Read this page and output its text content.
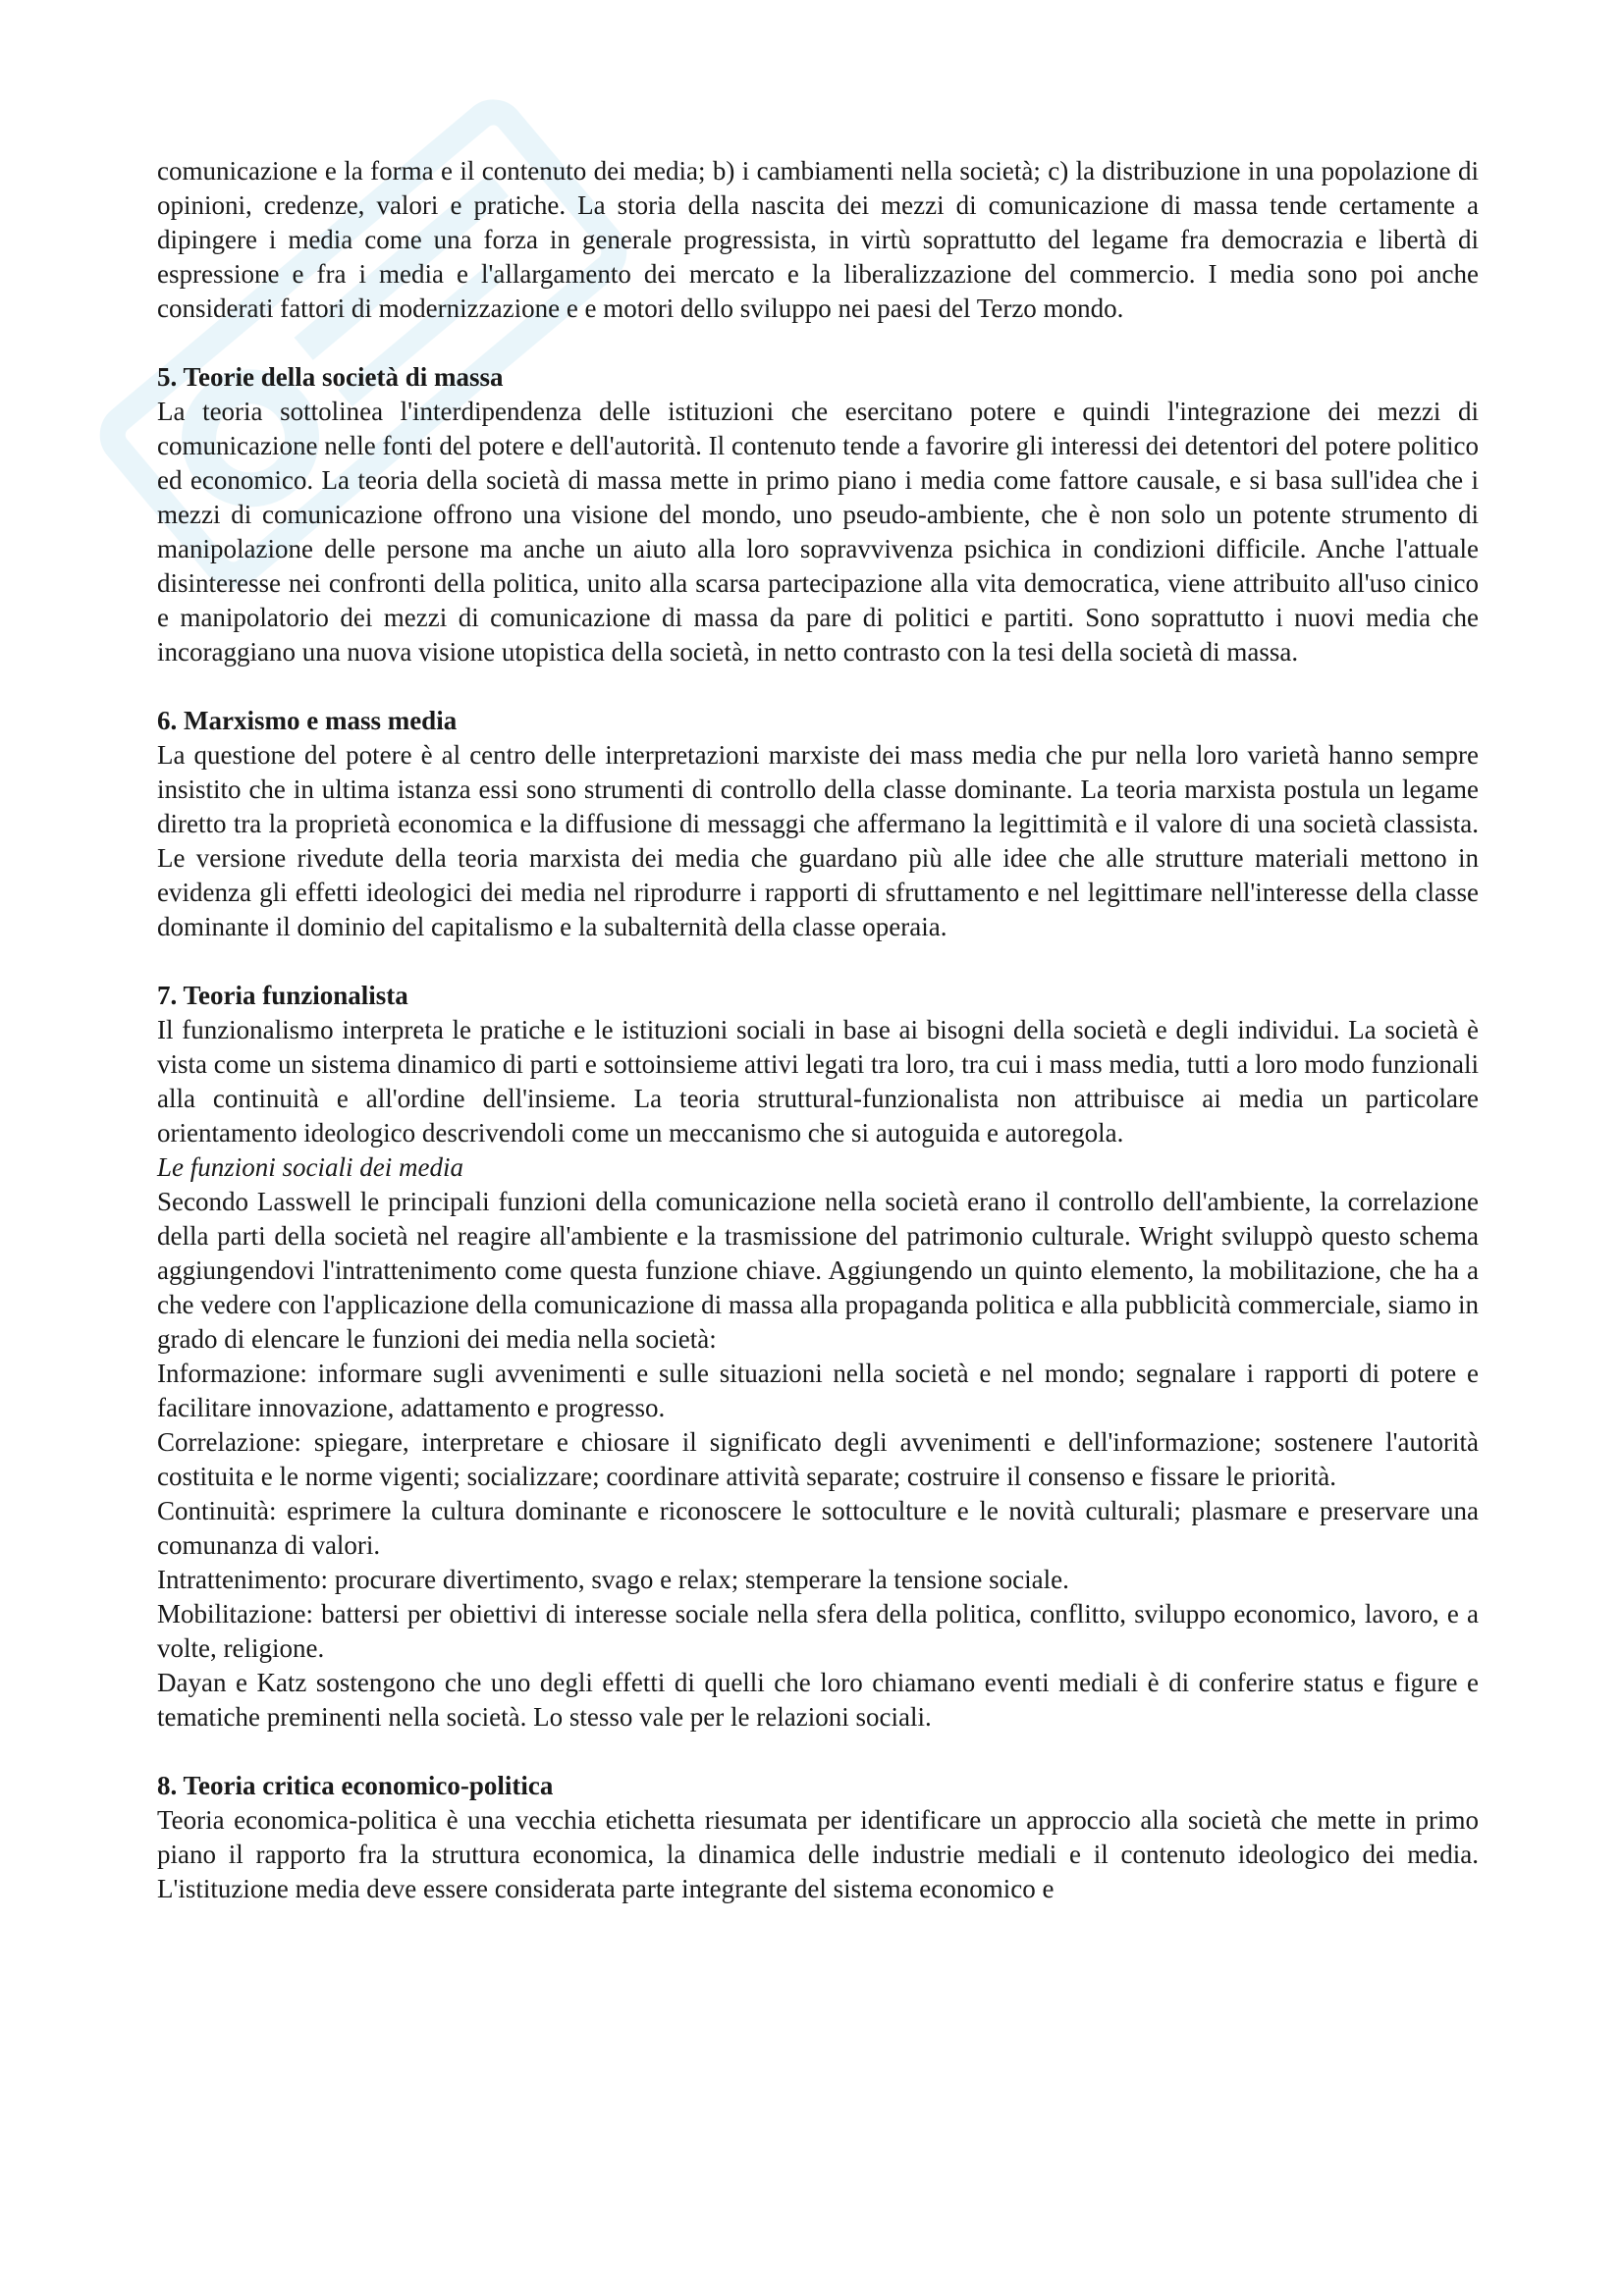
comunicazione e la forma e il contenuto dei media; b) i cambiamenti nella società; c) la distribuzione in una popolazione di opinioni, credenze, valori e pratiche. La storia della nascita dei mezzi di comunicazione di massa tende certamente a dipingere i media come una forza in generale progressista, in virtù soprattutto del legame fra democrazia e libertà di espressione e fra i media e l'allargamento dei mercato e la liberalizzazione del commercio. I media sono poi anche considerati fattori di modernizzazione e e motori dello sviluppo nei paesi del Terzo mondo.

5. Teorie della società di massa

La teoria sottolinea l'interdipendenza delle istituzioni che esercitano potere e quindi l'integrazione dei mezzi di comunicazione nelle fonti del potere e dell'autorità. Il contenuto tende a favorire gli interessi dei detentori del potere politico ed economico. La teoria della società di massa mette in primo piano i media come fattore causale, e si basa sull'idea che i mezzi di comunicazione offrono una visione del mondo, uno pseudo-ambiente, che è non solo un potente strumento di manipolazione delle persone ma anche un aiuto alla loro sopravvivenza psichica in condizioni difficile. Anche l'attuale disinteresse nei confronti della politica, unito alla scarsa partecipazione alla vita democratica, viene attribuito all'uso cinico e manipolatorio dei mezzi di comunicazione di massa da pare di politici e partiti. Sono soprattutto i nuovi media che incoraggiano una nuova visione utopistica della società, in netto contrasto con la tesi della società di massa.

6. Marxismo e mass media

La questione del potere è al centro delle interpretazioni marxiste dei mass media che pur nella loro varietà hanno sempre insistito che in ultima istanza essi sono strumenti di controllo della classe dominante. La teoria marxista postula un legame diretto tra la proprietà economica e la diffusione di messaggi che affermano la legittimità e il valore di una società classista. Le versione rivedute della teoria marxista dei media che guardano più alle idee che alle strutture materiali mettono in evidenza gli effetti ideologici dei media nel riprodurre i rapporti di sfruttamento e nel legittimare nell'interesse della classe dominante il dominio del capitalismo e la subalternità della classe operaia.

7. Teoria funzionalista

Il funzionalismo interpreta le pratiche e le istituzioni sociali in base ai bisogni della società e degli individui. La società è vista come un sistema dinamico di parti e sottoinsieme attivi legati tra loro, tra cui i mass media, tutti a loro modo funzionali alla continuità e all'ordine dell'insieme. La teoria struttural-funzionalista non attribuisce ai media un particolare orientamento ideologico descrivendoli come un meccanismo che si autoguida e autoregola.

Le funzioni sociali dei media

Secondo Lasswell le principali funzioni della comunicazione nella società erano il controllo dell'ambiente, la correlazione della parti della società nel reagire all'ambiente e la trasmissione del patrimonio culturale. Wright sviluppò questo schema aggiungendovi l'intrattenimento come questa funzione chiave. Aggiungendo un quinto elemento, la mobilitazione, che ha a che vedere con l'applicazione della comunicazione di massa alla propaganda politica e alla pubblicità commerciale, siamo in grado di elencare le funzioni dei media nella società:

Informazione: informare sugli avvenimenti e sulle situazioni nella società e nel mondo; segnalare i rapporti di potere e facilitare innovazione, adattamento e progresso.

Correlazione: spiegare, interpretare e chiosare il significato degli avvenimenti e dell'informazione; sostenere l'autorità costituita e le norme vigenti; socializzare; coordinare attività separate; costruire il consenso e fissare le priorità.

Continuità: esprimere la cultura dominante e riconoscere le sottoculture e le novità culturali; plasmare e preservare una comunanza di valori.

Intrattenimento: procurare divertimento, svago e relax; stemperare la tensione sociale.

Mobilitazione: battersi per obiettivi di interesse sociale nella sfera della politica, conflitto, sviluppo economico, lavoro, e a volte, religione.

Dayan e Katz sostengono che uno degli effetti di quelli che loro chiamano eventi mediali è di conferire status e figure e tematiche preminenti nella società. Lo stesso vale per le relazioni sociali.

8. Teoria critica economico-politica

Teoria economica-politica è una vecchia etichetta riesumata per identificare un approccio alla società che mette in primo piano il rapporto fra la struttura economica, la dinamica delle industrie mediali e il contenuto ideologico dei media. L'istituzione media deve essere considerata parte integrante del sistema economico e
